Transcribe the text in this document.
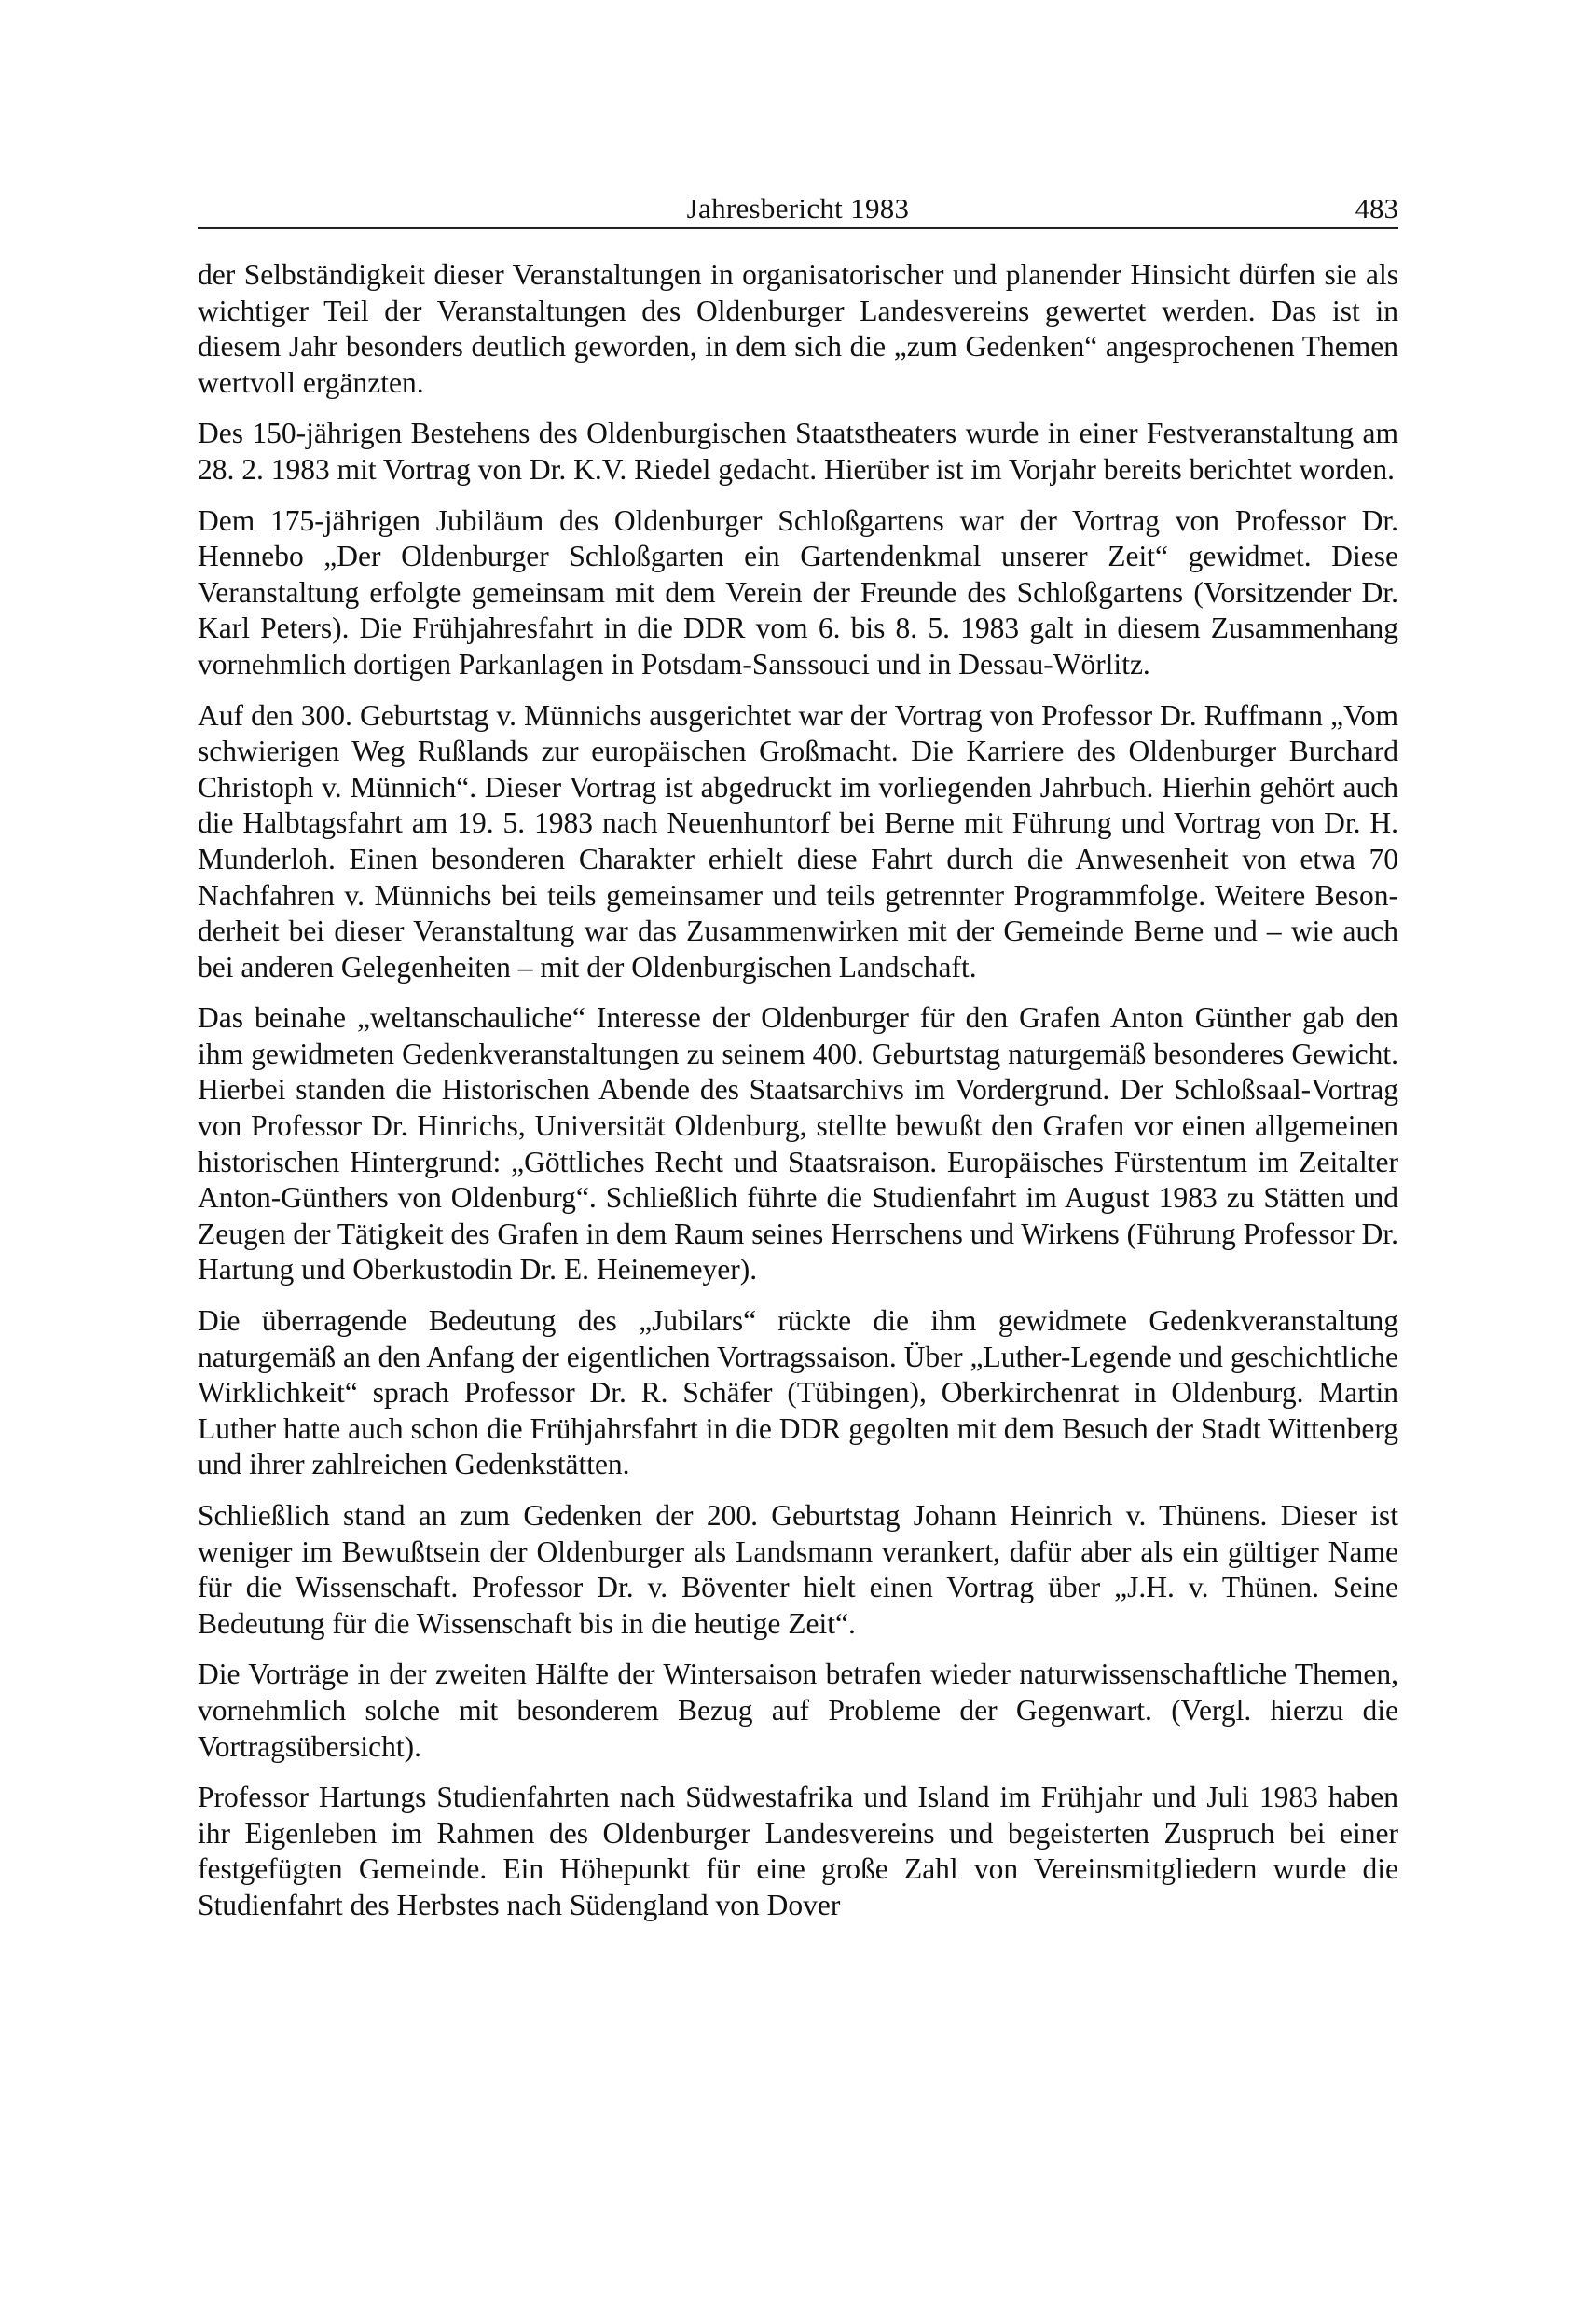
Jahresbericht 1983	483

der Selbständigkeit dieser Veranstaltungen in organisatorischer und planender Hinsicht dürfen sie als wichtiger Teil der Veranstaltungen des Oldenburger Landesvereins gewertet werden. Das ist in diesem Jahr besonders deutlich geworden, in dem sich die „zum Gedenken“ angesprochenen Themen wertvoll ergänzten.

Des 150-jährigen Bestehens des Oldenburgischen Staatstheaters wurde in einer Festveranstaltung am 28. 2. 1983 mit Vortrag von Dr. K.V. Riedel gedacht. Hierüber ist im Vorjahr bereits berichtet worden.

Dem 175-jährigen Jubiläum des Oldenburger Schloßgartens war der Vortrag von Professor Dr. Hennebo „Der Oldenburger Schloßgarten ein Gartendenkmal unserer Zeit“ gewidmet. Diese Veranstaltung erfolgte gemeinsam mit dem Verein der Freunde des Schloßgartens (Vorsitzender Dr. Karl Peters). Die Frühjahresfahrt in die DDR vom 6. bis 8. 5. 1983 galt in diesem Zusammenhang vornehmlich dortigen Parkanlagen in Potsdam-Sanssouci und in Dessau-Wörlitz.

Auf den 300. Geburtstag v. Münnichs ausgerichtet war der Vortrag von Professor Dr. Ruffmann „Vom schwierigen Weg Rußlands zur europäischen Großmacht. Die Karriere des Oldenburger Burchard Christoph v. Münnich“. Dieser Vortrag ist abgedruckt im vorliegenden Jahrbuch. Hierhin gehört auch die Halbtagsfahrt am 19. 5. 1983 nach Neuenhuntorf bei Berne mit Führung und Vortrag von Dr. H. Munderloh. Einen besonderen Charakter erhielt diese Fahrt durch die Anwesenheit von etwa 70 Nachfahren v. Münnichs bei teils gemeinsamer und teils getrennter Programmfolge. Weitere Besonderheit bei dieser Veranstaltung war das Zusammenwirken mit der Gemeinde Berne und – wie auch bei anderen Gelegenheiten – mit der Oldenburgischen Landschaft.

Das beinahe „weltanschauliche“ Interesse der Oldenburger für den Grafen Anton Günther gab den ihm gewidmeten Gedenkveranstaltungen zu seinem 400. Geburtstag naturgemäß besonderes Gewicht. Hierbei standen die Historischen Abende des Staatsarchivs im Vordergrund. Der Schloßsaal-Vortrag von Professor Dr. Hinrichs, Universität Oldenburg, stellte bewußt den Grafen vor einen allgemeinen historischen Hintergrund: „Göttliches Recht und Staatsraison. Europäisches Fürstentum im Zeitalter Anton-Günthers von Oldenburg“. Schließlich führte die Studienfahrt im August 1983 zu Stätten und Zeugen der Tätigkeit des Grafen in dem Raum seines Herrschens und Wirkens (Führung Professor Dr. Hartung und Oberkustodin Dr. E. Heinemeyer).

Die überragende Bedeutung des „Jubilars“ rückte die ihm gewidmete Gedenkveranstaltung naturgemäß an den Anfang der eigentlichen Vortragssaison. Über „Luther-Legende und geschichtliche Wirklichkeit“ sprach Professor Dr. R. Schäfer (Tübingen), Oberkirchenrat in Oldenburg. Martin Luther hatte auch schon die Frühjahrsfahrt in die DDR gegolten mit dem Besuch der Stadt Wittenberg und ihrer zahlreichen Gedenkstätten.

Schließlich stand an zum Gedenken der 200. Geburtstag Johann Heinrich v. Thünens. Dieser ist weniger im Bewußtsein der Oldenburger als Landsmann verankert, dafür aber als ein gültiger Name für die Wissenschaft. Professor Dr. v. Böventer hielt einen Vortrag über „J.H. v. Thünen. Seine Bedeutung für die Wissenschaft bis in die heutige Zeit“.

Die Vorträge in der zweiten Hälfte der Wintersaison betrafen wieder naturwissenschaftliche Themen, vornehmlich solche mit besonderem Bezug auf Probleme der Gegenwart. (Vergl. hierzu die Vortragsübersicht).

Professor Hartungs Studienfahrten nach Südwestafrika und Island im Frühjahr und Juli 1983 haben ihr Eigenleben im Rahmen des Oldenburger Landesvereins und begeisterten Zuspruch bei einer festgefügten Gemeinde. Ein Höhepunkt für eine große Zahl von Vereinsmitgliedern wurde die Studienfahrt des Herbstes nach Südengland von Dover
